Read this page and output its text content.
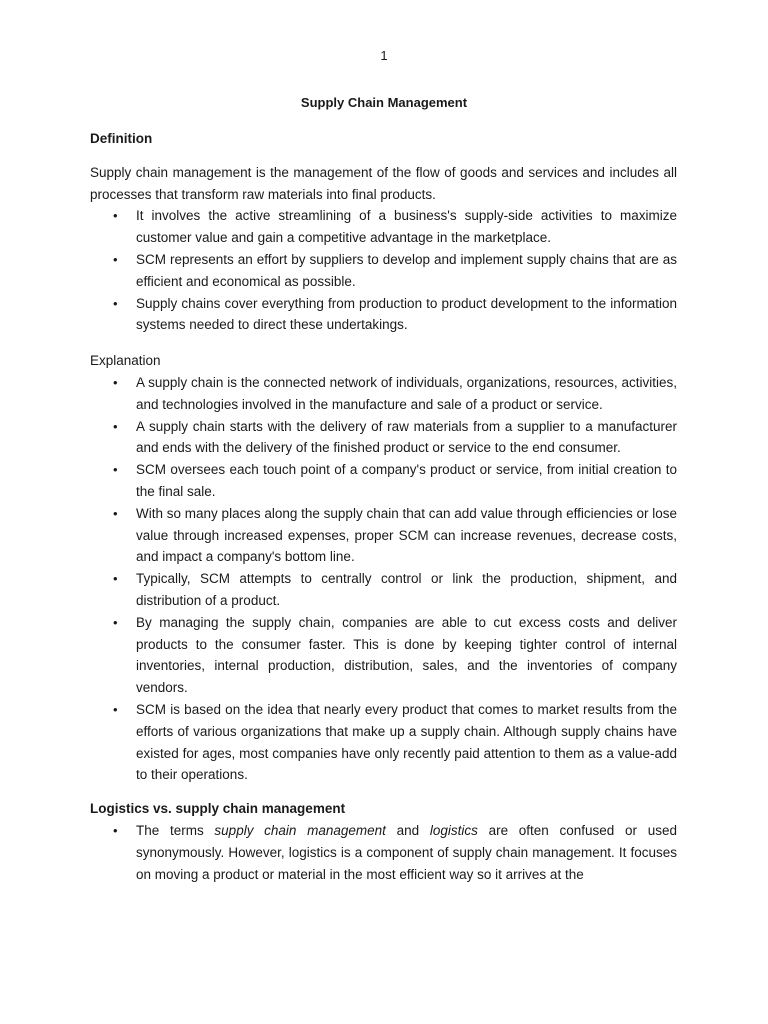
1
Supply Chain Management

Definition

Supply chain management is the management of the flow of goods and services and includes all processes that transform raw materials into final products.

• It involves the active streamlining of a business's supply-side activities to maximize customer value and gain a competitive advantage in the marketplace.
• SCM represents an effort by suppliers to develop and implement supply chains that are as efficient and economical as possible.
• Supply chains cover everything from production to product development to the information systems needed to direct these undertakings.

Explanation

• A supply chain is the connected network of individuals, organizations, resources, activities, and technologies involved in the manufacture and sale of a product or service.
• A supply chain starts with the delivery of raw materials from a supplier to a manufacturer and ends with the delivery of the finished product or service to the end consumer.
• SCM oversees each touch point of a company's product or service, from initial creation to the final sale.
• With so many places along the supply chain that can add value through efficiencies or lose value through increased expenses, proper SCM can increase revenues, decrease costs, and impact a company's bottom line.
• Typically, SCM attempts to centrally control or link the production, shipment, and distribution of a product.
• By managing the supply chain, companies are able to cut excess costs and deliver products to the consumer faster. This is done by keeping tighter control of internal inventories, internal production, distribution, sales, and the inventories of company vendors.
• SCM is based on the idea that nearly every product that comes to market results from the efforts of various organizations that make up a supply chain. Although supply chains have existed for ages, most companies have only recently paid attention to them as a value-add to their operations.

Logistics vs. supply chain management

• The terms supply chain management and logistics are often confused or used synonymously. However, logistics is a component of supply chain management. It focuses on moving a product or material in the most efficient way so it arrives at the
